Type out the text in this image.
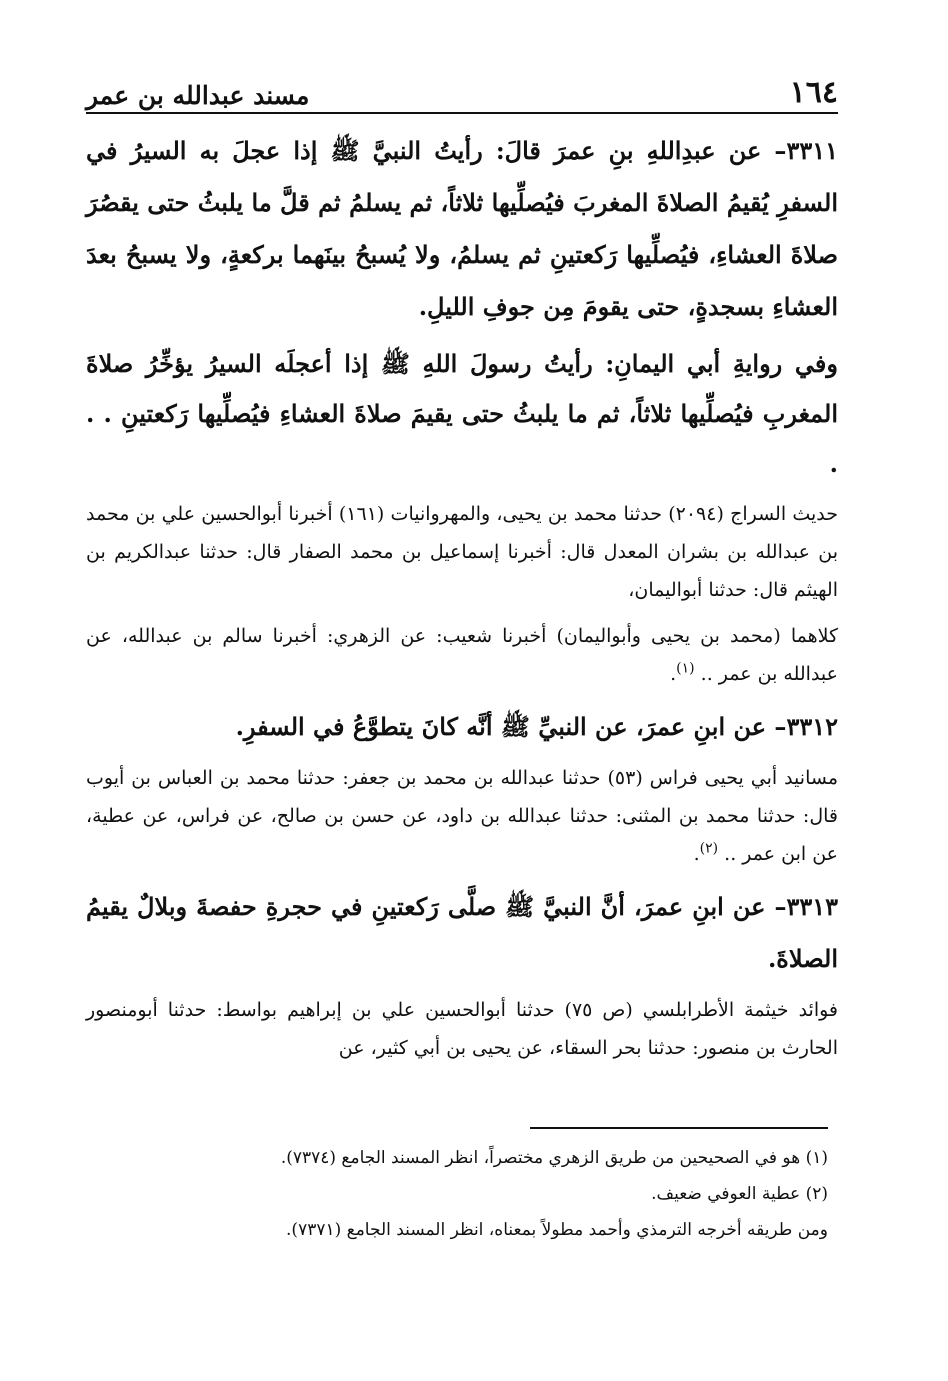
١٦٤
مسند عبدالله بن عمر

٣٣١١– عن عبدِاللهِ بنِ عمرَ قالَ: رأيتُ النبيَّ ﷺ إذا عجلَ به السيرُ في السفرِ يُقيمُ الصلاةَ المغربَ فيُصلِّيها ثلاثاً، ثم يسلمُ ثم قلَّ ما يلبثُ حتى يقصُرَ صلاةَ العشاءِ، فيُصلِّيها رَكعتينِ ثم يسلمُ، ولا يُسبحُ بينَهما بركعةٍ، ولا يسبحُ بعدَ العشاءِ بسجدةٍ، حتى يقومَ مِن جوفِ الليلِ.

وفي روايةِ أبي اليمانِ: رأيتُ رسولَ اللهِ ﷺ إذا أعجلَه السيرُ يؤخِّرُ صلاةَ المغربِ فيُصلِّيها ثلاثاً، ثم ما يلبثُ حتى يقيمَ صلاةَ العشاءِ فيُصلِّيها رَكعتينِ . . .

حديث السراج (٢٠٩٤) حدثنا محمد بن يحيى، والمهروانيات (١٦١) أخبرنا أبوالحسين علي بن محمد بن عبدالله بن بشران المعدل قال: أخبرنا إسماعيل بن محمد الصفار قال: حدثنا عبدالكريم بن الهيثم قال: حدثنا أبواليمان،

كلاهما (محمد بن يحيى وأبواليمان) أخبرنا شعيب: عن الزهري: أخبرنا سالم بن عبدالله، عن عبدالله بن عمر .. $^{(١)}$.

٣٣١٢– عن ابنِ عمرَ، عن النبيِّ ﷺ أنَّه كانَ يتطوَّعُ في السفرِ.

مسانيد أبي يحيى فراس (٥٣) حدثنا عبدالله بن محمد بن جعفر: حدثنا محمد بن العباس بن أيوب قال: حدثنا محمد بن المثنى: حدثنا عبدالله بن داود، عن حسن بن صالح، عن فراس، عن عطية، عن ابن عمر .. $^{(٢)}$.

٣٣١٣– عن ابنِ عمرَ، أنَّ النبيَّ ﷺ صلَّى رَكعتينِ في حجرةِ حفصةَ وبلالٌ يقيمُ الصلاةَ.

فوائد خيثمة الأطرابلسي (ص ٧٥) حدثنا أبوالحسين علي بن إبراهيم بواسط: حدثنا أبومنصور الحارث بن منصور: حدثنا بحر السقاء، عن يحيى بن أبي كثير، عن

(١) هو في الصحيحين من طريق الزهري مختصراً، انظر المسند الجامع (٧٣٧٤).
(٢) عطية العوفي ضعيف.
ومن طريقه أخرجه الترمذي وأحمد مطولاً بمعناه، انظر المسند الجامع (٧٣٧١).
